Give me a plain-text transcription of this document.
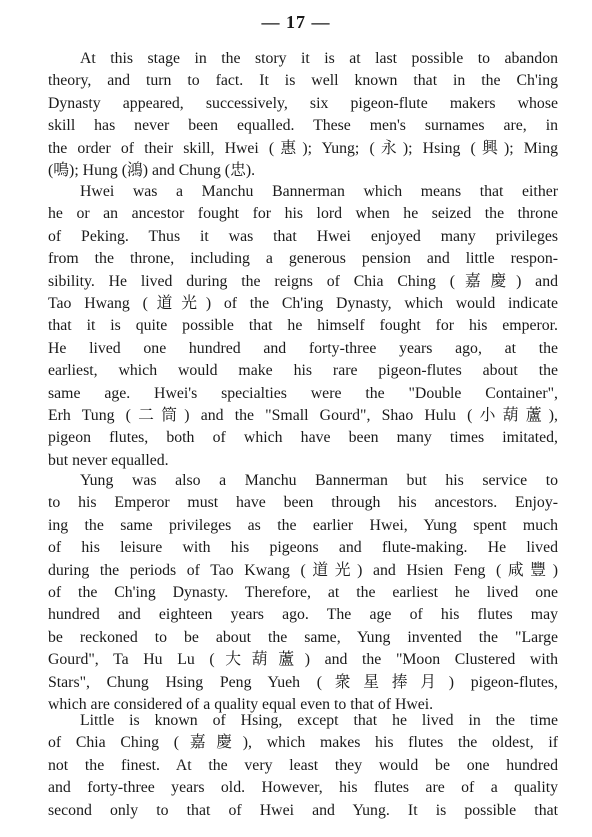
— 17 —
At this stage in the story it is at last possible to abandon
theory, and turn to fact. It is well known that in the Ch'ing
Dynasty appeared, successively, six pigeon-flute makers whose
skill has never been equalled. These men's surnames are, in
the order of their skill, Hwei (惠); Yung; (永); Hsing (興); Ming
(鳴); Hung (鴻) and Chung (忠).
Hwei was a Manchu Bannerman which means that either
he or an ancestor fought for his lord when he seized the throne
of Peking. Thus it was that Hwei enjoyed many privileges
from the throne, including a generous pension and little respon-
sibility. He lived during the reigns of Chia Ching (嘉慶) and
Tao Hwang (道光) of the Ch'ing Dynasty, which would indicate
that it is quite possible that he himself fought for his emperor.
He lived one hundred and forty-three years ago, at the
earliest, which would make his rare pigeon-flutes about the
same age. Hwei's specialties were the "Double Container",
Erh Tung (二筒) and the "Small Gourd", Shao Hulu (小葫蘆),
pigeon flutes, both of which have been many times imitated,
but never equalled.
Yung was also a Manchu Bannerman but his service to
to his Emperor must have been through his ancestors. Enjoy-
ing the same privileges as the earlier Hwei, Yung spent much
of his leisure with his pigeons and flute-making. He lived
during the periods of Tao Kwang (道光) and Hsien Feng (咸豐)
of the Ch'ing Dynasty. Therefore, at the earliest he lived one
hundred and eighteen years ago. The age of his flutes may
be reckoned to be about the same, Yung invented the "Large
Gourd", Ta Hu Lu (大葫蘆) and the "Moon Clustered with
Stars", Chung Hsing Peng Yueh (衆星捧月) pigeon-flutes,
which are considered of a quality equal even to that of Hwei.
Little is known of Hsing, except that he lived in the time
of Chia Ching (嘉慶), which makes his flutes the oldest, if
not the finest. At the very least they would be one hundred
and forty-three years old. However, his flutes are of a quality
second only to that of Hwei and Yung. It is possible that
